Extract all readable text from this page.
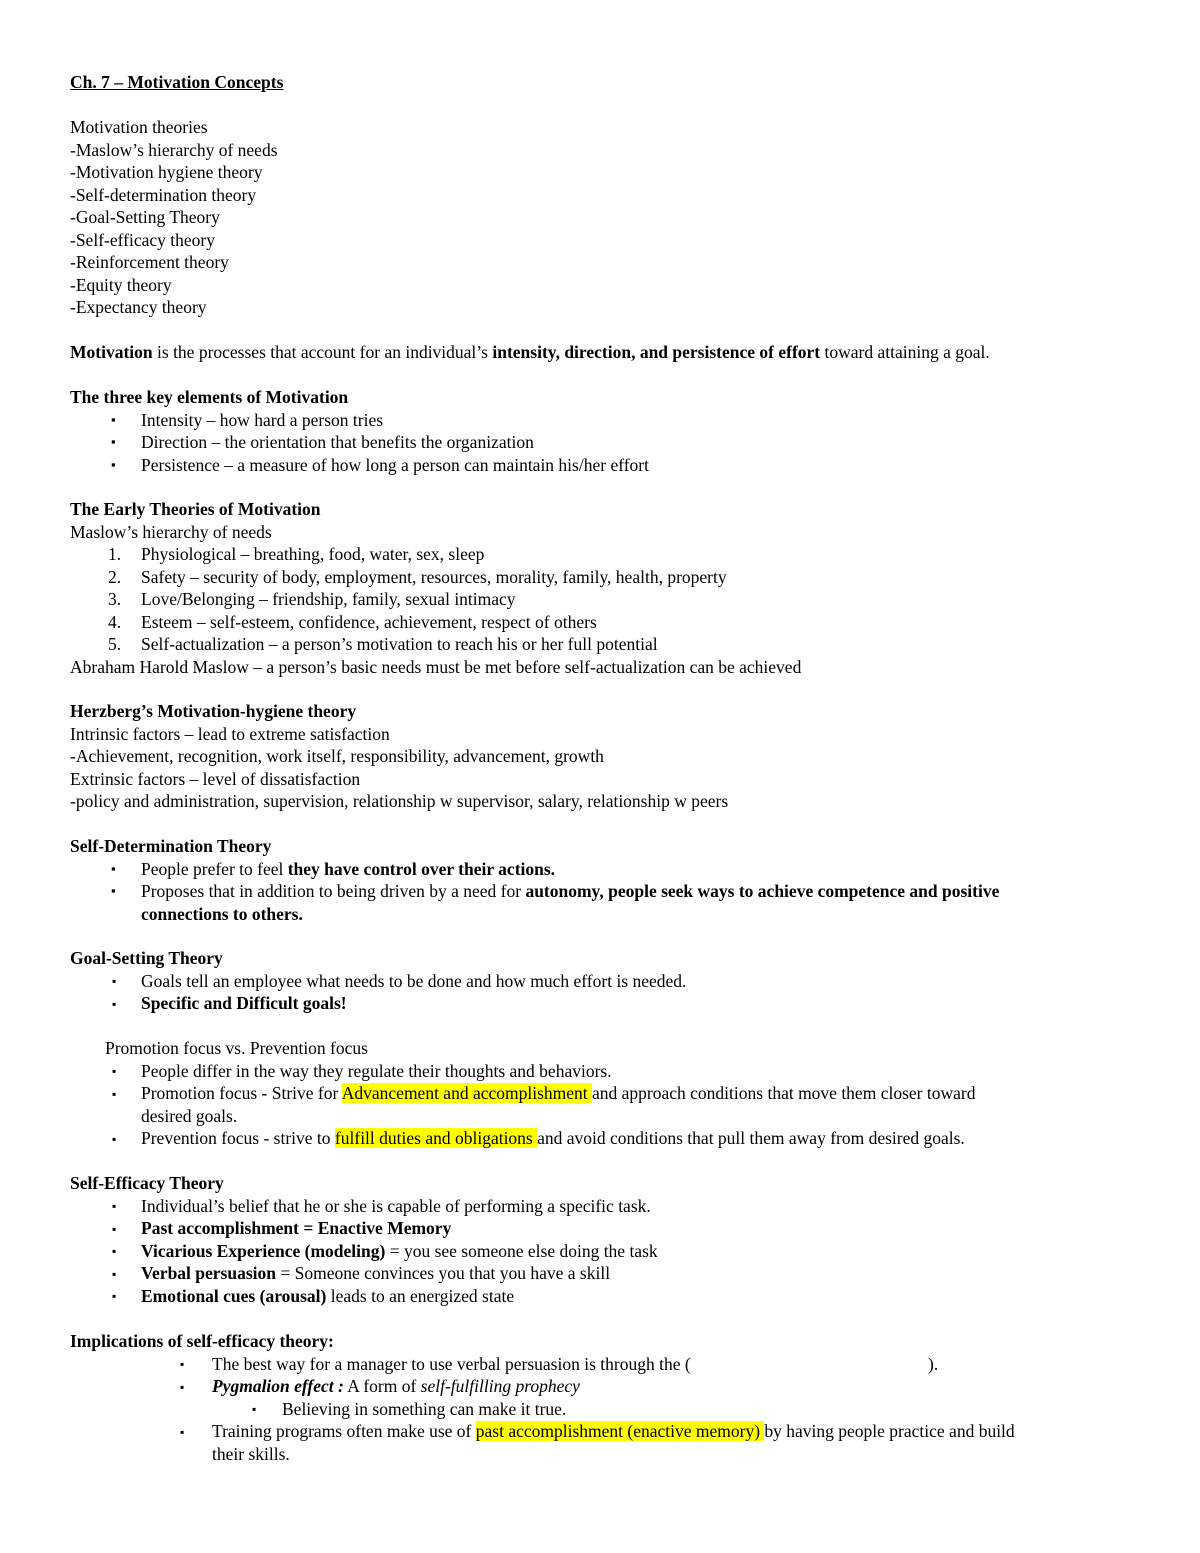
Ch. 7 – Motivation Concepts
Motivation theories
-Maslow’s hierarchy of needs
-Motivation hygiene theory
-Self-determination theory
-Goal-Setting Theory
-Self-efficacy theory
-Reinforcement theory
-Equity theory
-Expectancy theory
Motivation is the processes that account for an individual’s intensity, direction, and persistence of effort toward attaining a goal.
The three key elements of Motivation
▪ Intensity – how hard a person tries
▪ Direction – the orientation that benefits the organization
▪ Persistence – a measure of how long a person can maintain his/her effort
The Early Theories of Motivation
Maslow’s hierarchy of needs
1. Physiological – breathing, food, water, sex, sleep
2. Safety – security of body, employment, resources, morality, family, health, property
3. Love/Belonging – friendship, family, sexual intimacy
4. Esteem – self-esteem, confidence, achievement, respect of others
5. Self-actualization – a person’s motivation to reach his or her full potential
Abraham Harold Maslow – a person’s basic needs must be met before self-actualization can be achieved
Herzberg’s Motivation-hygiene theory
Intrinsic factors – lead to extreme satisfaction
-Achievement, recognition, work itself, responsibility, advancement, growth
Extrinsic factors – level of dissatisfaction
-policy and administration, supervision, relationship w supervisor, salary, relationship w peers
Self-Determination Theory
▪ People prefer to feel they have control over their actions.
▪ Proposes that in addition to being driven by a need for autonomy, people seek ways to achieve competence and positive
connections to others.
Goal-Setting Theory
▪ Goals tell an employee what needs to be done and how much effort is needed.
▪ Specific and Difficult goals!
Promotion focus vs. Prevention focus
▪ People differ in the way they regulate their thoughts and behaviors.
▪ Promotion focus - Strive for Advancement and accomplishment and approach conditions that move them closer toward
desired goals.
▪ Prevention focus - strive to fulfill duties and obligations and avoid conditions that pull them away from desired goals.
Self-Efficacy Theory
▪ Individual’s belief that he or she is capable of performing a specific task.
▪ Past accomplishment = Enactive Memory
▪ Vicarious Experience (modeling) = you see someone else doing the task
▪ Verbal persuasion = Someone convinces you that you have a skill
▪ Emotional cues (arousal) leads to an energized state
Implications of self-efficacy theory:
▪ The best way for a manager to use verbal persuasion is through the (	).
▪ Pygmalion effect : A form of self-fulfilling prophecy
▪ Believing in something can make it true.
▪ Training programs often make use of past accomplishment (enactive memory) by having people practice and build
their skills.
